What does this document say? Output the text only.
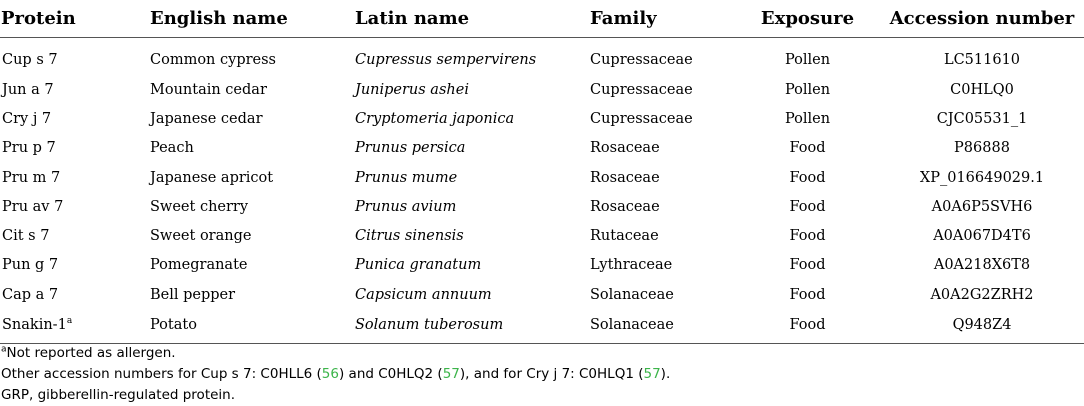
Protein	English name	Latin name	Family	Exposure	Accession number
Cup s 7	Common cypress	Cupressus sempervirens	Cupressaceae	Pollen	LC511610
Jun a 7	Mountain cedar	Juniperus ashei	Cupressaceae	Pollen	C0HLQ0
Cry j 7	Japanese cedar	Cryptomeria japonica	Cupressaceae	Pollen	CJC05531_1
Pru p 7	Peach	Prunus persica	Rosaceae	Food	P86888
Pru m 7	Japanese apricot	Prunus mume	Rosaceae	Food	XP_016649029.1
Pru av 7	Sweet cherry	Prunus avium	Rosaceae	Food	A0A6P5SVH6
Cit s 7	Sweet orange	Citrus sinensis	Rutaceae	Food	A0A067D4T6
Pun g 7	Pomegranate	Punica granatum	Lythraceae	Food	A0A218X6T8
Cap a 7	Bell pepper	Capsicum annuum	Solanaceae	Food	A0A2G2ZRH2
Snakin-1$^a$	Potato	Solanum tuberosum	Solanaceae	Food	Q948Z4

$^a$Not reported as allergen.

Other accession numbers for Cup s 7: C0HLL6 (56) and C0HLQ2 (57), and for Cry j 7: C0HLQ1 (57).

GRP, gibberellin-regulated protein.
